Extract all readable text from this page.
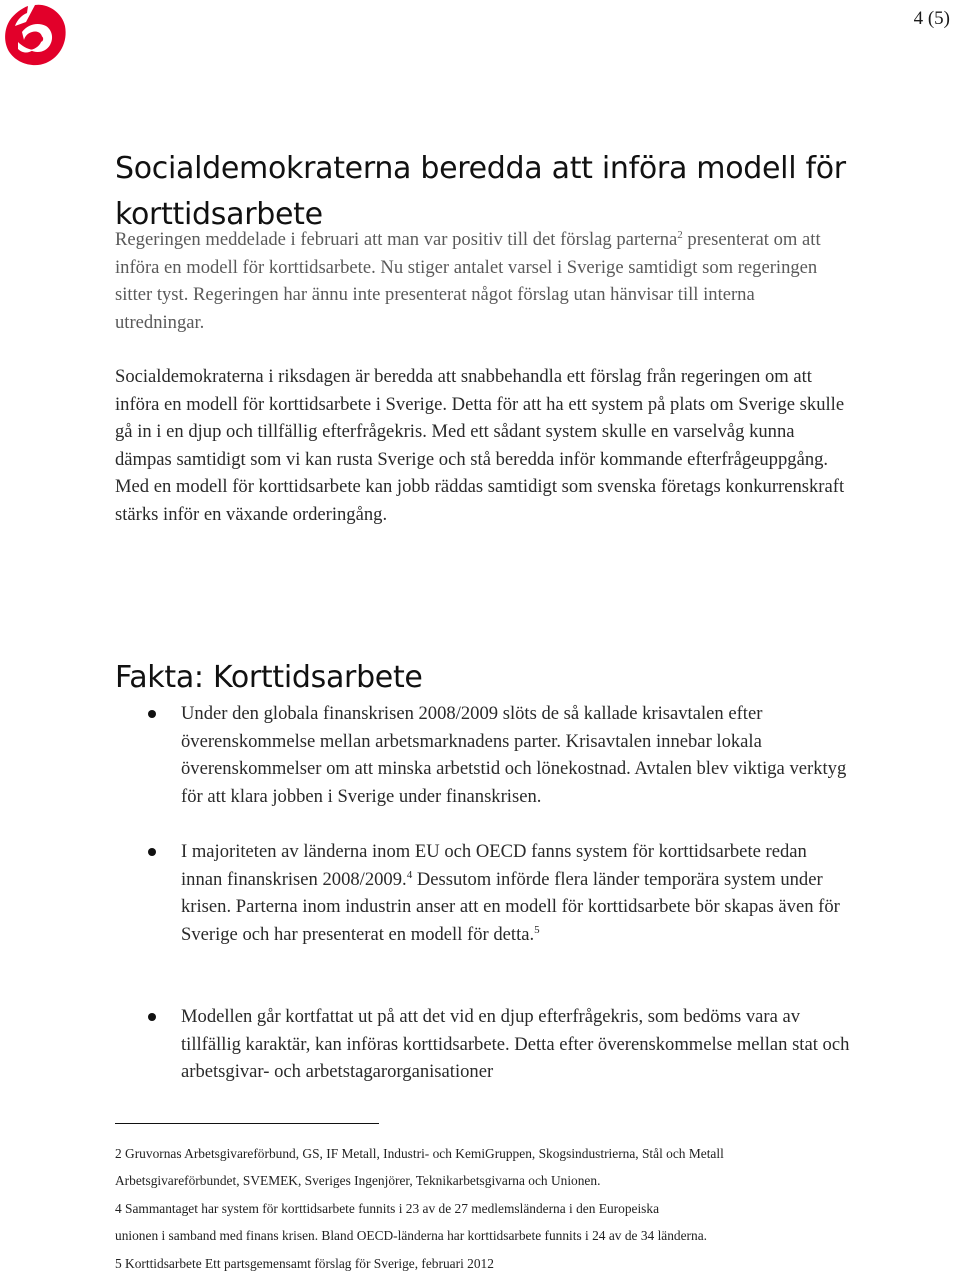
4 (5)
Socialdemokraterna beredda att införa modell för korttidsarbete

Regeringen meddelade i februari att man var positiv till det förslag parterna$^2$ presenterat om att införa en modell för korttidsarbete. Nu stiger antalet varsel i Sverige samtidigt som regeringen sitter tyst. Regeringen har ännu inte presenterat något förslag utan hänvisar till interna utredningar.

Socialdemokraterna i riksdagen är beredda att snabbehandla ett förslag från regeringen om att införa en modell för korttidsarbete i Sverige. Detta för att ha ett system på plats om Sverige skulle gå in i en djup och tillfällig efterfrågekris. Med ett sådant system skulle en varselvåg kunna dämpas samtidigt som vi kan rusta Sverige och stå beredda inför kommande efterfrågeuppgång. Med en modell för korttidsarbete kan jobb räddas samtidigt som svenska företags konkurrenskraft stärks inför en växande orderingång.

Fakta: Korttidsarbete

Under den globala finanskrisen 2008/2009 slöts de så kallade krisavtalen efter överenskommelse mellan arbetsmarknadens parter. Krisavtalen innebar lokala överenskommelser om att minska arbetstid och lönekostnad. Avtalen blev viktiga verktyg för att klara jobben i Sverige under finanskrisen.

I majoriteten av länderna inom EU och OECD fanns system för korttidsarbete redan innan finanskrisen 2008/2009.$^4$ Dessutom införde flera länder temporära system under krisen. Parterna inom industrin anser att en modell för korttidsarbete bör skapas även för Sverige och har presenterat en modell för detta.$^5$

Modellen går kortfattat ut på att det vid en djup efterfrågekris, som bedöms vara av tillfällig karaktär, kan införas korttidsarbete. Detta efter överenskommelse mellan stat och arbetsgivar- och arbetstagarorganisationer

2 Gruvornas Arbetsgivareförbund, GS, IF Metall, Industri- och KemiGruppen, Skogsindustrierna, Stål och Metall
Arbetsgivareförbundet, SVEMEK, Sveriges Ingenjörer, Teknikarbetsgivarna och Unionen.

4 Sammantaget har system för korttidsarbete funnits i 23 av de 27 medlemsländerna i den Europeiska
unionen i samband med finans krisen. Bland OECD-länderna har korttidsarbete funnits i 24 av de 34 länderna.

5 Korttidsarbete Ett partsgemensamt förslag för Sverige, februari 2012
